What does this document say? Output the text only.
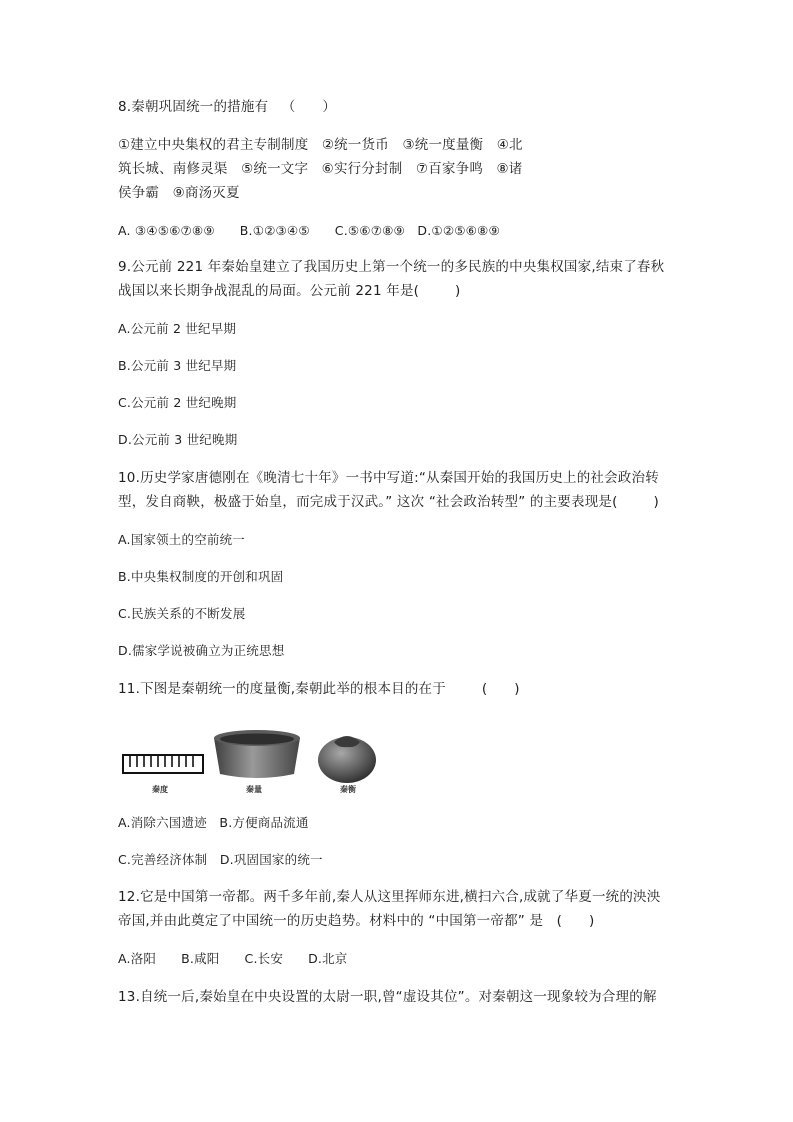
8.秦朝巩固统一的措施有   （      ）
①建立中央集权的君主专制制度   ②统一货币   ③统一度量衡   ④北
筑长城、南修灵渠   ⑤统一文字   ⑥实行分封制   ⑦百家争鸣   ⑧诸
侯争霸   ⑨商汤灭夏
A. ③④⑤⑥⑦⑧⑨      B.①②③④⑤      C.⑤⑥⑦⑧⑨   D.①②⑤⑥⑧⑨
9.公元前 221 年秦始皇建立了我国历史上第一个统一的多民族的中央集权国家,结束了春秋
战国以来长期争战混乱的局面。公元前 221 年是(        )
A.公元前 2 世纪早期
B.公元前 3 世纪早期
C.公元前 2 世纪晚期
D.公元前 3 世纪晚期
10.历史学家唐德刚在《晚清七十年》一书中写道:“从秦国开始的我国历史上的社会政治转
型，发自商鞅，极盛于始皇，而完成于汉武。” 这次 “社会政治转型” 的主要表现是(        )
A.国家领土的空前统一
B.中央集权制度的开创和巩固
C.民族关系的不断发展
D.儒家学说被确立为正统思想
11.下图是秦朝统一的度量衡,秦朝此举的根本目的在于        (      )
秦度	秦量	秦衡
A.消除六国遗迹   B.方便商品流通
C.完善经济体制   D.巩固国家的统一
12.它是中国第一帝都。两千多年前,秦人从这里挥师东进,横扫六合,成就了华夏一统的泱泱
帝国,并由此奠定了中国统一的历史趋势。材料中的 “中国第一帝都” 是   (      )
A.洛阳      B.咸阳      C.长安      D.北京
13.自统一后,秦始皇在中央设置的太尉一职,曾“虚设其位”。对秦朝这一现象较为合理的解
